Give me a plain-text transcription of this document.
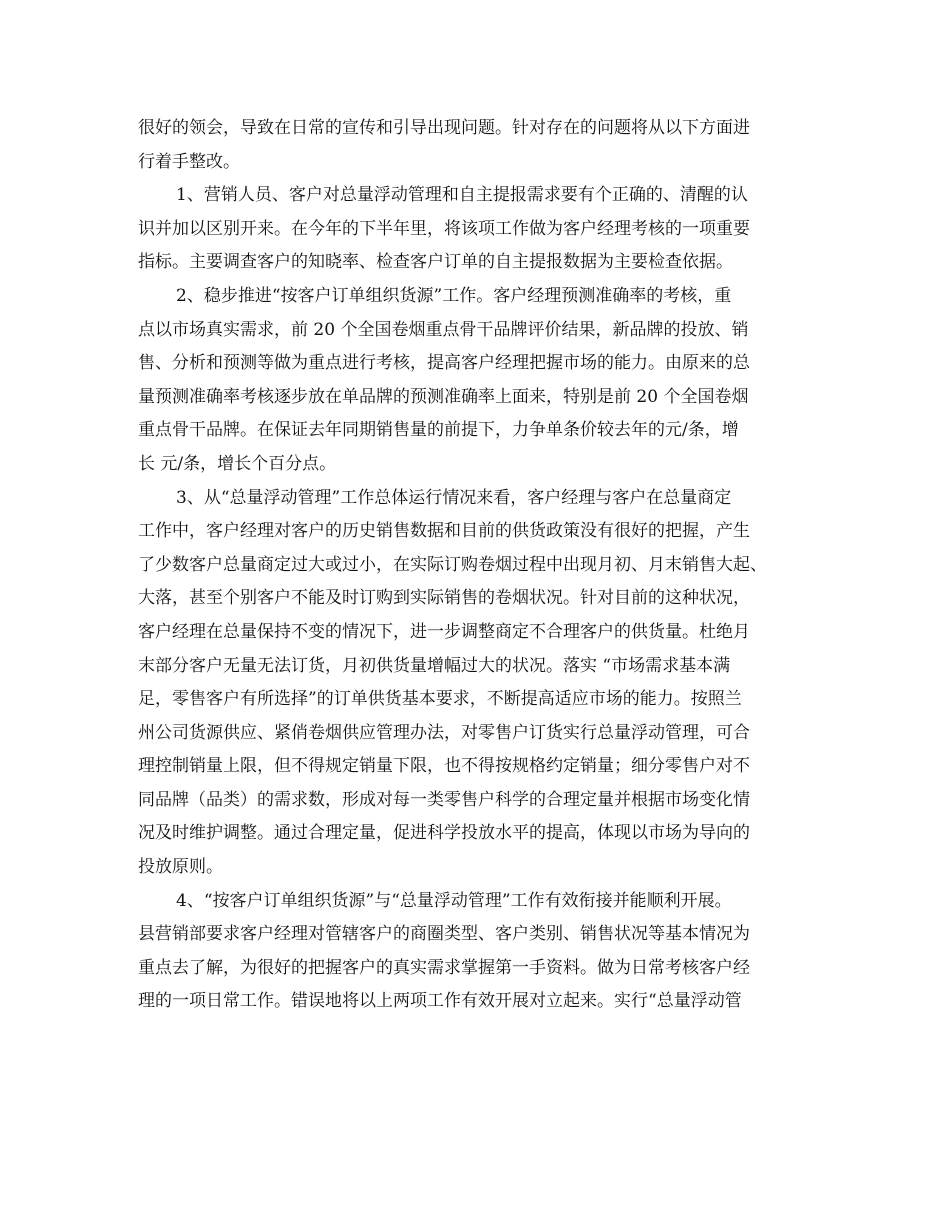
很好的领会，导致在日常的宣传和引导出现问题。针对存在的问题将从以下方面进
行着手整改。
1、营销人员、客户对总量浮动管理和自主提报需求要有个正确的、清醒的认
识并加以区别开来。在今年的下半年里，将该项工作做为客户经理考核的一项重要
指标。主要调查客户的知晓率、检查客户订单的自主提报数据为主要检查依据。
2、稳步推进“按客户订单组织货源”工作。客户经理预测准确率的考核，重
点以市场真实需求，前 20 个全国卷烟重点骨干品牌评价结果，新品牌的投放、销
售、分析和预测等做为重点进行考核，提高客户经理把握市场的能力。由原来的总
量预测准确率考核逐步放在单品牌的预测准确率上面来，特别是前 20 个全国卷烟
重点骨干品牌。在保证去年同期销售量的前提下，力争单条价较去年的元/条，增
长 元/条，增长个百分点。
3、从“总量浮动管理”工作总体运行情况来看，客户经理与客户在总量商定
工作中，客户经理对客户的历史销售数据和目前的供货政策没有很好的把握，产生
了少数客户总量商定过大或过小，在实际订购卷烟过程中出现月初、月末销售大起、
大落，甚至个别客户不能及时订购到实际销售的卷烟状况。针对目前的这种状况，
客户经理在总量保持不变的情况下，进一步调整商定不合理客户的供货量。杜绝月
末部分客户无量无法订货，月初供货量增幅过大的状况。落实 “市场需求基本满
足，零售客户有所选择”的订单供货基本要求，不断提高适应市场的能力。按照兰
州公司货源供应、紧俏卷烟供应管理办法，对零售户订货实行总量浮动管理，可合
理控制销量上限，但不得规定销量下限，也不得按规格约定销量；细分零售户对不
同品牌（品类）的需求数，形成对每一类零售户科学的合理定量并根据市场变化情
况及时维护调整。通过合理定量，促进科学投放水平的提高，体现以市场为导向的
投放原则。
4、“按客户订单组织货源”与“总量浮动管理”工作有效衔接并能顺利开展。
县营销部要求客户经理对管辖客户的商圈类型、客户类别、销售状况等基本情况为
重点去了解，为很好的把握客户的真实需求掌握第一手资料。做为日常考核客户经
理的一项日常工作。错误地将以上两项工作有效开展对立起来。实行“总量浮动管
